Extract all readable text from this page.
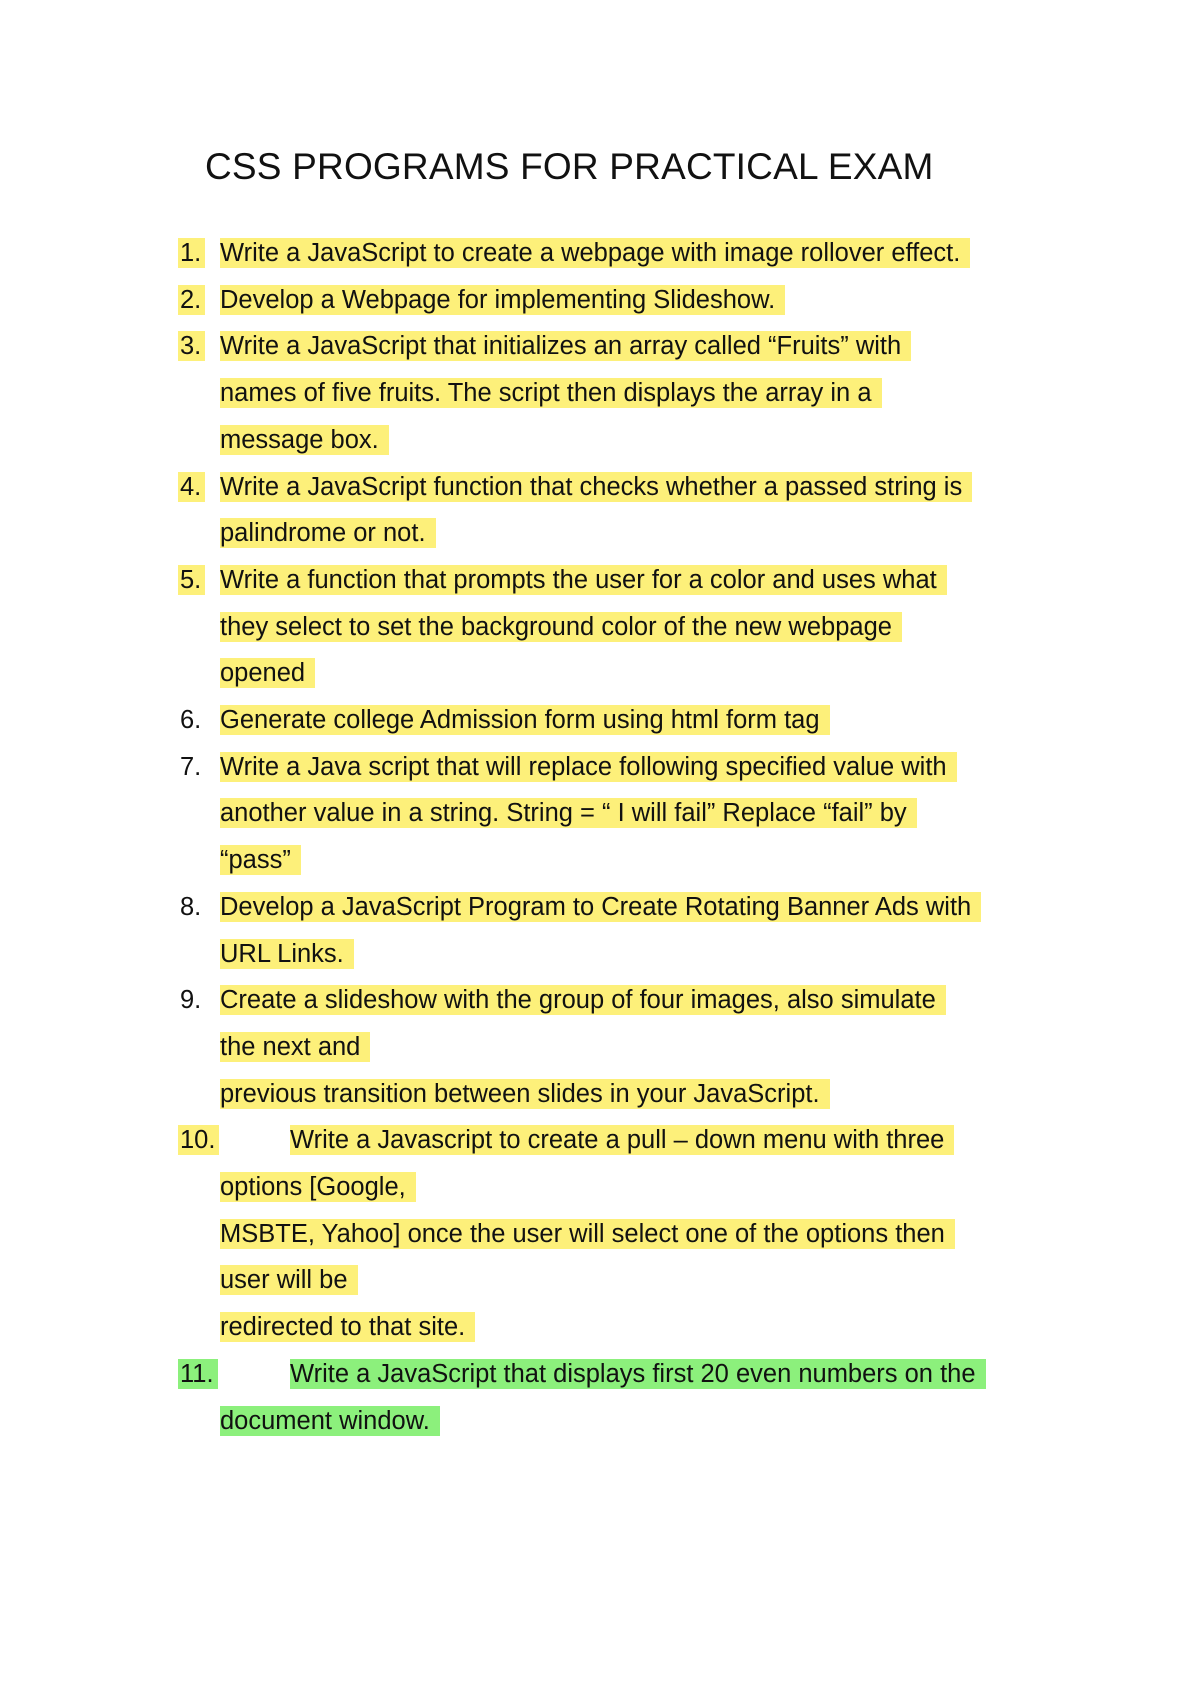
CSS PROGRAMS FOR PRACTICAL EXAM
1. Write a JavaScript to create a webpage with image rollover effect.
2. Develop a Webpage for implementing Slideshow.
3. Write a JavaScript that initializes an array called “Fruits” with
names of five fruits. The script then displays the array in a
message box.
4. Write a JavaScript function that checks whether a passed string is
palindrome or not.
5. Write a function that prompts the user for a color and uses what
they select to set the background color of the new webpage
opened
6. Generate college Admission form using html form tag
7. Write a Java script that will replace following specified value with
another value in a string. String = “ I will fail” Replace “fail” by
“pass”
8. Develop a JavaScript Program to Create Rotating Banner Ads with
URL Links.
9. Create a slideshow with the group of four images, also simulate
the next and
previous transition between slides in your JavaScript.
10.	Write a Javascript to create a pull – down menu with three
options [Google,
MSBTE, Yahoo] once the user will select one of the options then
user will be
redirected to that site.
11.	Write a JavaScript that displays first 20 even numbers on the
document window.
